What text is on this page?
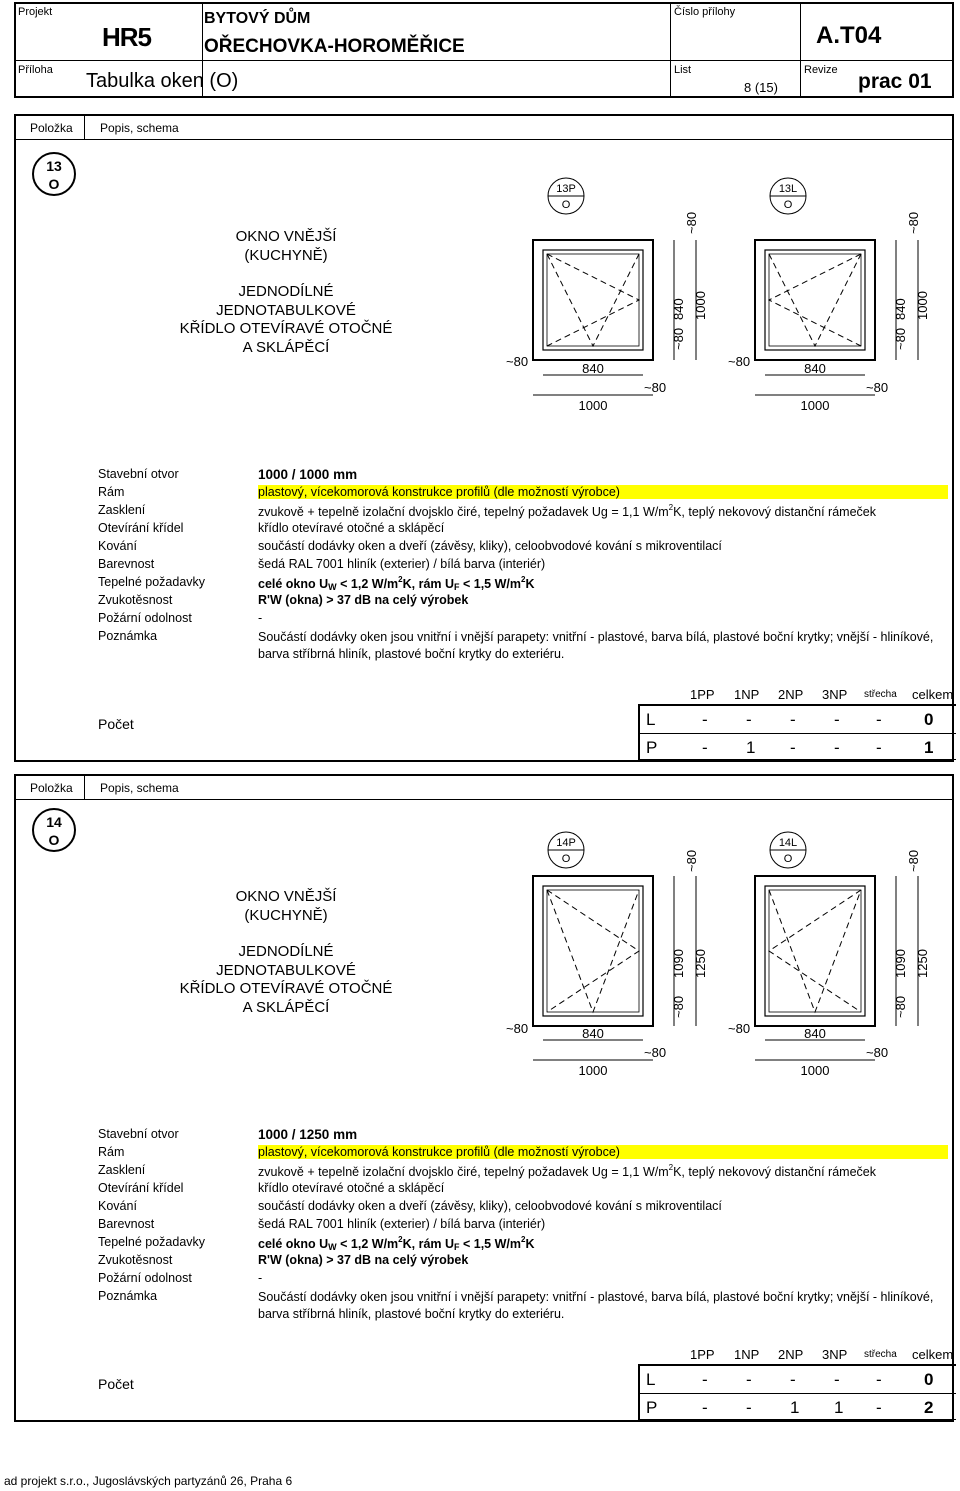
Projekt
HR5
BYTOVÝ DŮM
OŘECHOVKA-HOROMĚŘICE
Číslo přílohy
A.T04
Příloha Tabulka oken (O)	List
8 (15)
Revize prac 01
Položka Popis, schema
13
O
OKNO VNĚJŠÍ
(KUCHYNĚ)
JEDNODÍLNÉ
JEDNOTABULKOVÉ
KŘÍDLO OTEVÍRAVÉ OTOČNÉ
A SKLÁPĚCÍ
13P
O
840
1000
~80
~80
840 1000
~80
~80
13L
O
840
1000
~80
~80
840 1000
~80
~80
Stavební otvor	1000 / 1000 mm
Rám	plastový, vícekomorová konstrukce profilů (dle možností výrobce)
Zasklení	zvukově + tepelně izolační dvojsklo čiré, tepelný požadavek Ug = 1,1 $W/m^2K$, teplý nekovový distanční rámeček
Otevírání křídel	křídlo otevíravé otočné a sklápěcí
Kování	součástí dodávky oken a dveří (závěsy, kliky), celoobvodové kování s mikroventilací
Barevnost	šedá RAL 7001 hliník (exterier) / bílá barva (interiér)
Tepelné požadavky	celé okno $U_W < 1,2$ $W/m^2K$, rám $U_F < 1,5$ $W/m^2K$
Zvukotěsnost	R'W (okna) > 37 dB na celý výrobek
Požární odolnost	-
Poznámka	Součástí dodávky oken jsou vnitřní i vnější parapety: vnitřní - plastové, barva bílá, plastové boční krytky; vnější - hliníkové, barva stříbrná hliník, plastové boční krytky do exteriéru.
Počet
1PP 1NP 2NP 3NP střecha celkem
L	- - - - - 0
P	- 1 - - - 1
Položka Popis, schema
14
O
OKNO VNĚJŠÍ
(KUCHYNĚ)
JEDNODÍLNÉ
JEDNOTABULKOVÉ
KŘÍDLO OTEVÍRAVÉ OTOČNÉ
A SKLÁPĚCÍ
14P
O
840
1000
~80
~80
1090 1250
~80
~80
14L
O
840
1000
~80
~80
1090 1250
~80
~80
Stavební otvor	1000 / 1250 mm
Rám	plastový, vícekomorová konstrukce profilů (dle možností výrobce)
Zasklení	zvukově + tepelně izolační dvojsklo čiré, tepelný požadavek Ug = 1,1 $W/m^2K$, teplý nekovový distanční rámeček
Otevírání křídel	křídlo otevíravé otočné a sklápěcí
Kování	součástí dodávky oken a dveří (závěsy, kliky), celoobvodové kování s mikroventilací
Barevnost	šedá RAL 7001 hliník (exterier) / bílá barva (interiér)
Tepelné požadavky	celé okno $U_W < 1,2$ $W/m^2K$, rám $U_F < 1,5$ $W/m^2K$
Zvukotěsnost	R'W (okna) > 37 dB na celý výrobek
Požární odolnost	-
Poznámka	Součástí dodávky oken jsou vnitřní i vnější parapety: vnitřní - plastové, barva bílá, plastové boční krytky; vnější - hliníkové, barva stříbrná hliník, plastové boční krytky do exteriéru.
Počet
1PP 1NP 2NP 3NP střecha celkem
L	- - - - - 0
P	- - 1 1 - 2
ad projekt s.r.o., Jugoslávských partyzánů 26, Praha 6
